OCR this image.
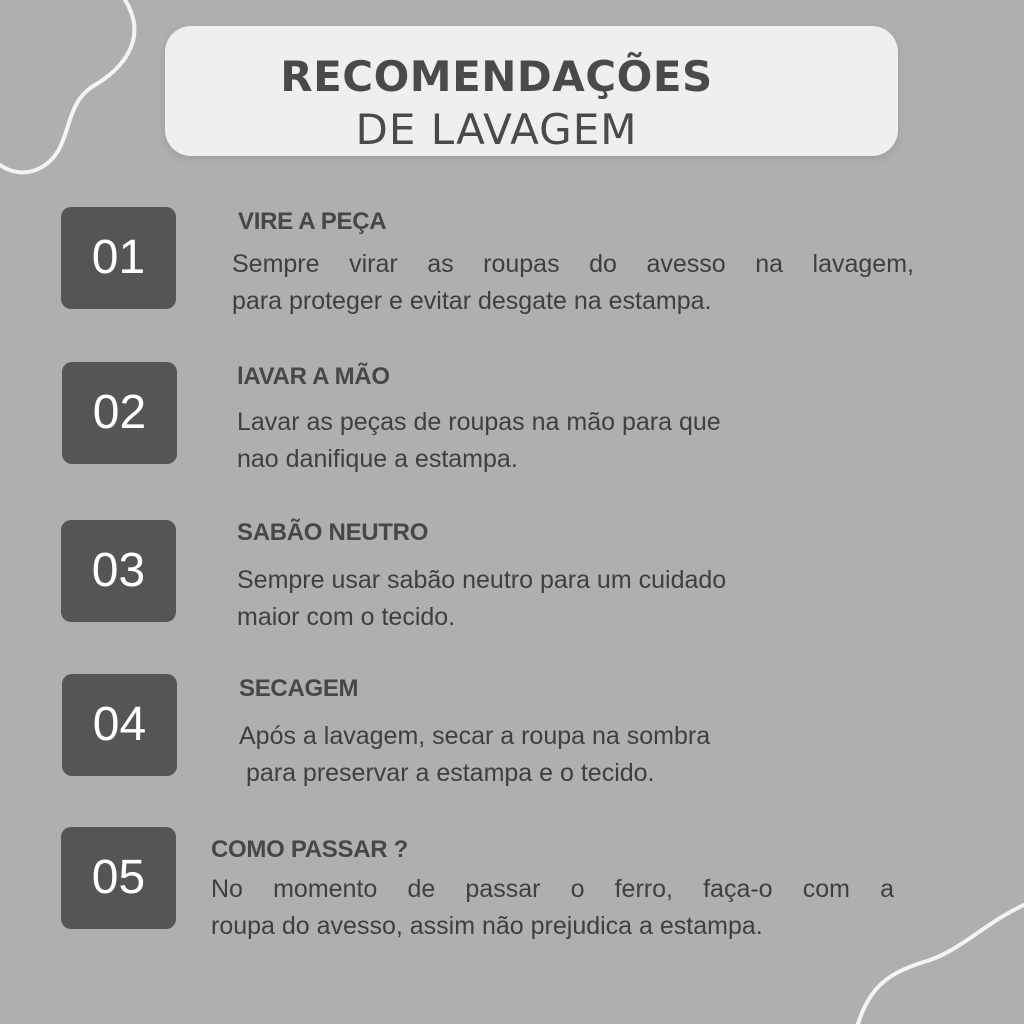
RECOMENDAÇÕES
DE LAVAGEM
01
VIRE A PEÇA
Sempre virar as roupas do avesso na lavagem,
para proteger e evitar desgate na estampa.
02
lAVAR A MÃO
Lavar as peças de roupas na mão para que
nao danifique a estampa.
03
SABÃO NEUTRO
Sempre usar sabão neutro para um cuidado
maior com o tecido.
04
SECAGEM
Após a lavagem, secar a roupa na sombra
para preservar a estampa e o tecido.
05
COMO PASSAR ?
No momento de passar o ferro, faça-o com a
roupa do avesso, assim não prejudica a estampa.
